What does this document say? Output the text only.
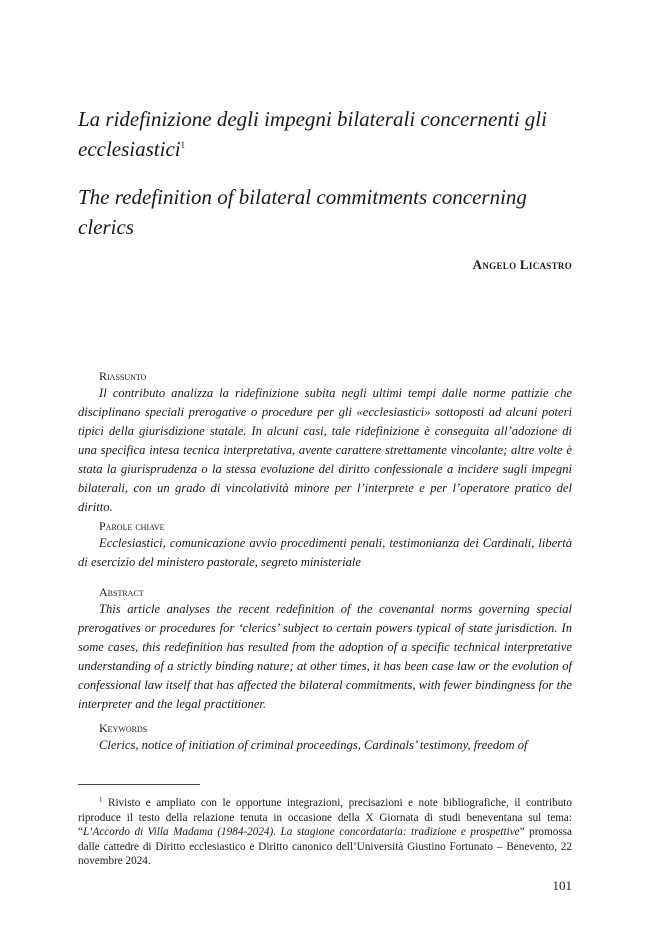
La ridefinizione degli impegni bilaterali concernenti gli ecclesiastici$^1$
The redefinition of bilateral commitments concerning clerics
Angelo Licastro

Riassunto

Il contributo analizza la ridefinizione subita negli ultimi tempi dalle norme pattizie che disciplinano speciali prerogative o procedure per gli «ecclesiastici» sottoposti ad alcuni poteri tipici della giurisdizione statale. In alcuni casi, tale ridefinizione è conseguita all’adozione di una specifica intesa tecnica interpretativa, avente carattere strettamente vincolante; altre volte è stata la giurisprudenza o la stessa evoluzione del diritto confessionale a incidere sugli impegni bilaterali, con un grado di vincolatività minore per l’interprete e per l’operatore pratico del diritto.

Parole chiave

Ecclesiastici, comunicazione avvio procedimenti penali, testimonianza dei Cardinali, libertà di esercizio del ministero pastorale, segreto ministeriale

Abstract

This article analyses the recent redefinition of the covenantal norms governing special prerogatives or procedures for ‘clerics’ subject to certain powers typical of state jurisdiction. In some cases, this redefinition has resulted from the adoption of a specific technical interpretative understanding of a strictly binding nature; at other times, it has been case law or the evolution of confessional law itself that has affected the bilateral commitments, with fewer bindingness for the interpreter and the legal practitioner.

Keywords

Clerics, notice of initiation of criminal proceedings, Cardinals’ testimony, freedom of

$^1$ Rivisto e ampliato con le opportune integrazioni, precisazioni e note bibliografiche, il contributo riproduce il testo della relazione tenuta in occasione della X Giornata di studi beneventana sul tema: “L’Accordo di Villa Madama (1984-2024). La stagione concordataria: tradizione e prospettive” promossa dalle cattedre di Diritto ecclesiastico e Diritto canonico dell’Università Giustino Fortunato – Benevento, 22 novembre 2024.

101
